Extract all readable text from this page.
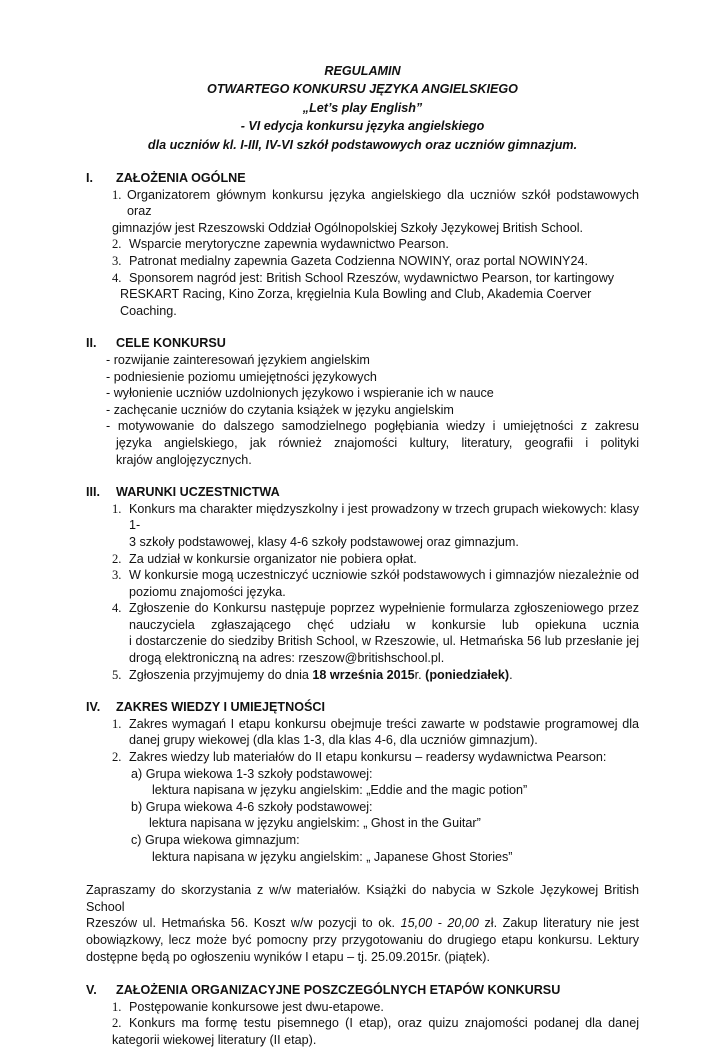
REGULAMIN
OTWARTEGO KONKURSU JĘZYKA ANGIELSKIEGO
„Let’s play English”
- VI edycja konkursu języka angielskiego
dla uczniów kl. I-III, IV-VI szkół podstawowych oraz uczniów gimnazjum.
I.	ZAŁOŻENIA OGÓLNE
1. Organizatorem głównym konkursu języka angielskiego dla uczniów szkół podstawowych oraz
gimnazjów jest Rzeszowski Oddział Ogólnopolskiej Szkoły Językowej British School.
2. Wsparcie merytoryczne zapewnia wydawnictwo Pearson.
3. Patronat medialny zapewnia Gazeta Codzienna NOWINY, oraz portal NOWINY24.
4. Sponsorem nagród jest: British School Rzeszów, wydawnictwo Pearson, tor kartingowy
RESKART Racing, Kino Zorza, kręgielnia Kula Bowling and Club, Akademia Coerver Coaching.
II.	CELE KONKURSU
- rozwijanie zainteresowań językiem angielskim
- podniesienie poziomu umiejętności językowych
- wyłonienie uczniów uzdolnionych językowo i wspieranie ich w nauce
- zachęcanie uczniów do czytania książek w języku angielskim
- motywowanie do dalszego samodzielnego pogłębiania wiedzy i umiejętności z zakresu
języka angielskiego, jak również znajomości kultury, literatury, geografii i polityki
krajów anglojęzycznych.
III.	WARUNKI UCZESTNICTWA
1. Konkurs ma charakter międzyszkolny i jest prowadzony w trzech grupach wiekowych: klasy 1-
3 szkoły podstawowej, klasy 4-6 szkoły podstawowej oraz gimnazjum.
2. Za udział w konkursie organizator nie pobiera opłat.
3. W konkursie mogą uczestniczyć uczniowie szkół podstawowych i gimnazjów niezależnie od
poziomu znajomości języka.
4. Zgłoszenie do Konkursu następuje poprzez wypełnienie formularza zgłoszeniowego przez
nauczyciela zgłaszającego chęć udziału w konkursie lub opiekuna ucznia
i dostarczenie do siedziby British School, w Rzeszowie, ul. Hetmańska 56 lub przesłanie jej
drogą elektroniczną na adres: rzeszow@britishschool.pl.
5. Zgłoszenia przyjmujemy do dnia 18 września 2015r. (poniedziałek).
IV.	ZAKRES WIEDZY I UMIEJĘTNOŚCI
1. Zakres wymagań I etapu konkursu obejmuje treści zawarte w podstawie programowej dla
danej grupy wiekowej (dla klas 1-3, dla klas 4-6, dla uczniów gimnazjum).
2. Zakres wiedzy lub materiałów do II etapu konkursu – readersy wydawnictwa Pearson:
a) Grupa wiekowa 1-3 szkoły podstawowej:
lektura napisana w języku angielskim: „Eddie and the magic potion”
b) Grupa wiekowa 4-6 szkoły podstawowej:
lektura napisana w języku angielskim: „ Ghost in the Guitar”
c) Grupa wiekowa gimnazjum:
lektura napisana w języku angielskim: „ Japanese Ghost Stories”
Zapraszamy do skorzystania z w/w materiałów. Książki do nabycia w Szkole Językowej British School
Rzeszów ul. Hetmańska 56. Koszt w/w pozycji to ok. 15,00 - 20,00 zł. Zakup literatury nie jest
obowiązkowy, lecz może być pomocny przy przygotowaniu do drugiego etapu konkursu. Lektury
dostępne będą po ogłoszeniu wyników I etapu – tj. 25.09.2015r. (piątek).
V.	ZAŁOŻENIA ORGANIZACYJNE POSZCZEGÓLNYCH ETAPÓW KONKURSU
1. Postępowanie konkursowe jest dwu-etapowe.
2. Konkurs ma formę testu pisemnego (I etap), oraz quizu znajomości podanej dla danej
kategorii wiekowej literatury (II etap).
